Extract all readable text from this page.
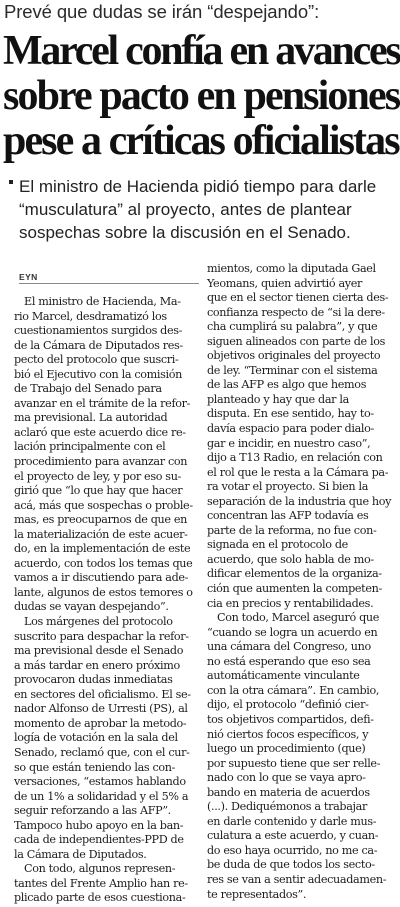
Prevé que dudas se irán “despejando”:
Marcel confía en avances
sobre pacto en pensiones
pese a críticas oficialistas
El ministro de Hacienda pidió tiempo para darle
“musculatura” al proyecto, antes de plantear
sospechas sobre la discusión en el Senado.
EYN
El ministro de Hacienda, Ma-
rio Marcel, desdramatizó los
cuestionamientos surgidos des-
de la Cámara de Diputados res-
pecto del protocolo que suscri-
bió el Ejecutivo con la comisión
de Trabajo del Senado para
avanzar en el trámite de la refor-
ma previsional. La autoridad
aclaró que este acuerdo dice re-
lación principalmente con el
procedimiento para avanzar con
el proyecto de ley, y por eso su-
girió que “lo que hay que hacer
acá, más que sospechas o proble-
mas, es preocuparnos de que en
la materialización de este acuer-
do, en la implementación de este
acuerdo, con todos los temas que
vamos a ir discutiendo para ade-
lante, algunos de estos temores o
dudas se vayan despejando”.
Los márgenes del protocolo
suscrito para despachar la refor-
ma previsional desde el Senado
a más tardar en enero próximo
provocaron dudas inmediatas
en sectores del oficialismo. El se-
nador Alfonso de Urresti (PS), al
momento de aprobar la metodo-
logía de votación en la sala del
Senado, reclamó que, con el cur-
so que están teniendo las con-
versaciones, “estamos hablando
de un 1% a solidaridad y el 5% a
seguir reforzando a las AFP”.
Tampoco hubo apoyo en la ban-
cada de independientes-PPD de
la Cámara de Diputados.
Con todo, algunos represen-
tantes del Frente Amplio han re-
plicado parte de esos cuestiona-
mientos, como la diputada Gael
Yeomans, quien advirtió ayer
que en el sector tienen cierta des-
confianza respecto de “si la dere-
cha cumplirá su palabra”, y que
siguen alineados con parte de los
objetivos originales del proyecto
de ley. “Terminar con el sistema
de las AFP es algo que hemos
planteado y hay que dar la
disputa. En ese sentido, hay to-
davía espacio para poder dialo-
gar e incidir, en nuestro caso”,
dijo a T13 Radio, en relación con
el rol que le resta a la Cámara pa-
ra votar el proyecto. Si bien la
separación de la industria que hoy
concentran las AFP todavía es
parte de la reforma, no fue con-
signada en el protocolo de
acuerdo, que solo habla de mo-
dificar elementos de la organiza-
ción que aumenten la competen-
cia en precios y rentabilidades.
Con todo, Marcel aseguró que
“cuando se logra un acuerdo en
una cámara del Congreso, uno
no está esperando que eso sea
automáticamente vinculante
con la otra cámara”. En cambio,
dijo, el protocolo “definió cier-
tos objetivos compartidos, defi-
nió ciertos focos específicos, y
luego un procedimiento (que)
por supuesto tiene que ser relle-
nado con lo que se vaya apro-
bando en materia de acuerdos
(...). Dediquémonos a trabajar
en darle contenido y darle mus-
culatura a este acuerdo, y cuan-
do eso haya ocurrido, no me ca-
be duda de que todos los secto-
res se van a sentir adecuadamen-
te representados”.
